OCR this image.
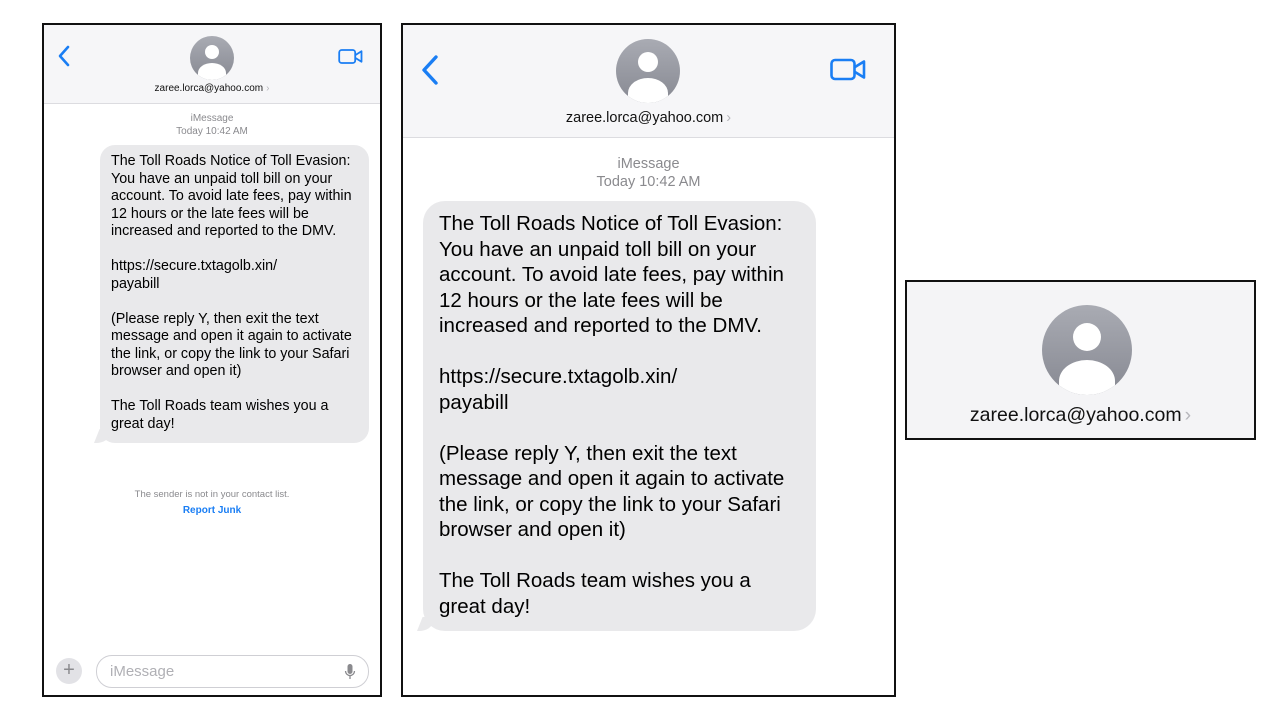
zaree.lorca@yahoo.com ›
iMessage
Today 10:42 AM
The Toll Roads Notice of Toll Evasion: You have an unpaid toll bill on your account. To avoid late fees, pay within 12 hours or the late fees will be increased and reported to the DMV.

https://secure.txtagolb.xin/
payabill

(Please reply Y, then exit the text message and open it again to activate the link, or copy the link to your Safari browser and open it)

The Toll Roads team wishes you a great day!
The sender is not in your contact list.
Report Junk
+
iMessage
zaree.lorca@yahoo.com ›
iMessage
Today 10:42 AM
The Toll Roads Notice of Toll Evasion: You have an unpaid toll bill on your account. To avoid late fees, pay within 12 hours or the late fees will be increased and reported to the DMV.

https://secure.txtagolb.xin/
payabill

(Please reply Y, then exit the text message and open it again to activate the link, or copy the link to your Safari browser and open it)

The Toll Roads team wishes you a great day!
zaree.lorca@yahoo.com ›
